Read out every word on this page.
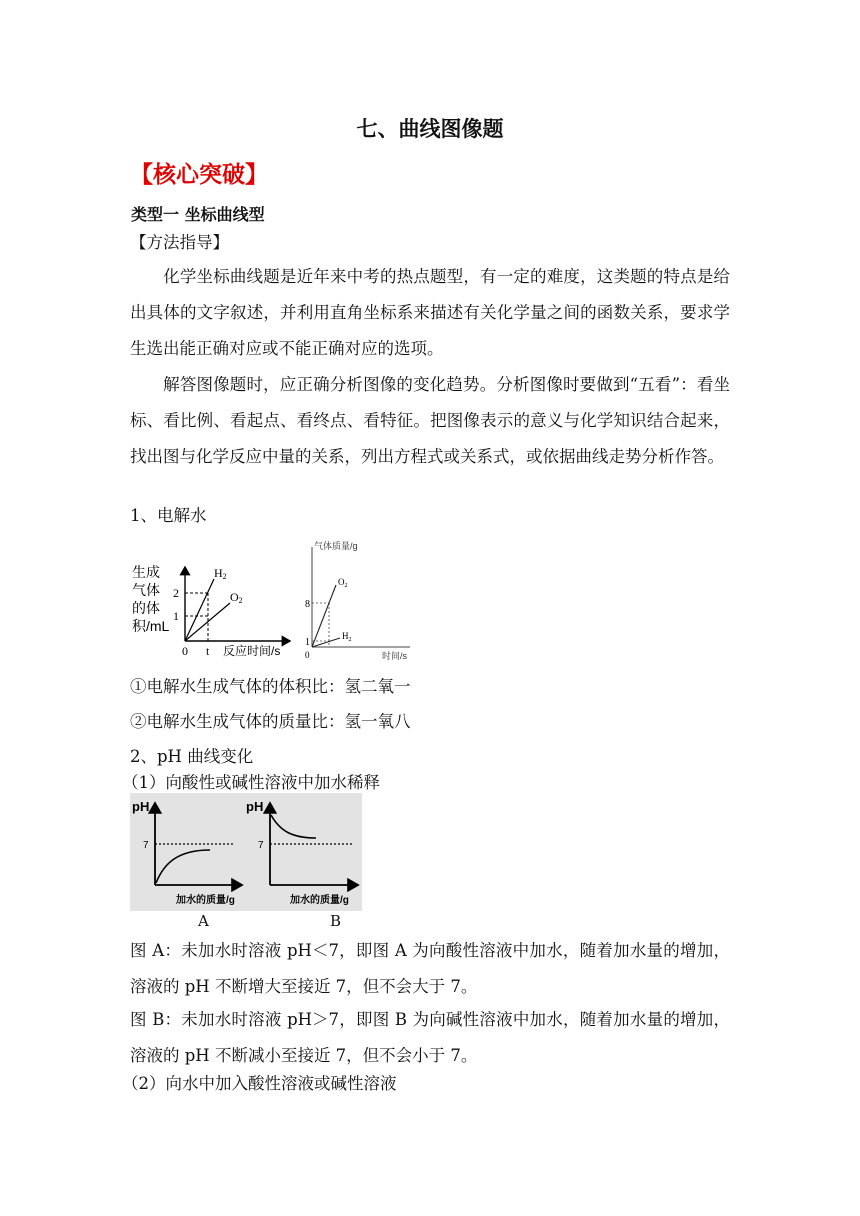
七、曲线图像题
【核心突破】
类型一 坐标曲线型
【方法指导】
化学坐标曲线题是近年来中考的热点题型，有一定的难度，这类题的特点是给出具体的文字叙述，并利用直角坐标系来描述有关化学量之间的函数关系，要求学生选出能正确对应或不能正确对应的选项。
解答图像题时，应正确分析图像的变化趋势。分析图像时要做到“五看”：看坐标、看比例、看起点、看终点、看特征。把图像表示的意义与化学知识结合起来，找出图与化学反应中量的关系，列出方程式或关系式，或依据曲线走势分析作答。
1、电解水
生成
气体
的体
积/mL
2
1
0 t 反应时间/s
H2
O2
气体质量/g
时间/s
0
8
1
$O_2$
$H_2$
①电解水生成气体的体积比：氢二氧一
②电解水生成气体的质量比：氢一氧八
2、pH 曲线变化
（1）向酸性或碱性溶液中加水稀释
pH
7
加水的质量/g
pH
7
加水的质量/g
A	B
图 A：未加水时溶液 pH＜7，即图 A 为向酸性溶液中加水，随着加水量的增加，溶液的 pH 不断增大至接近 7，但不会大于 7。
图 B：未加水时溶液 pH＞7，即图 B 为向碱性溶液中加水，随着加水量的增加，溶液的 pH 不断减小至接近 7，但不会小于 7。
（2）向水中加入酸性溶液或碱性溶液
